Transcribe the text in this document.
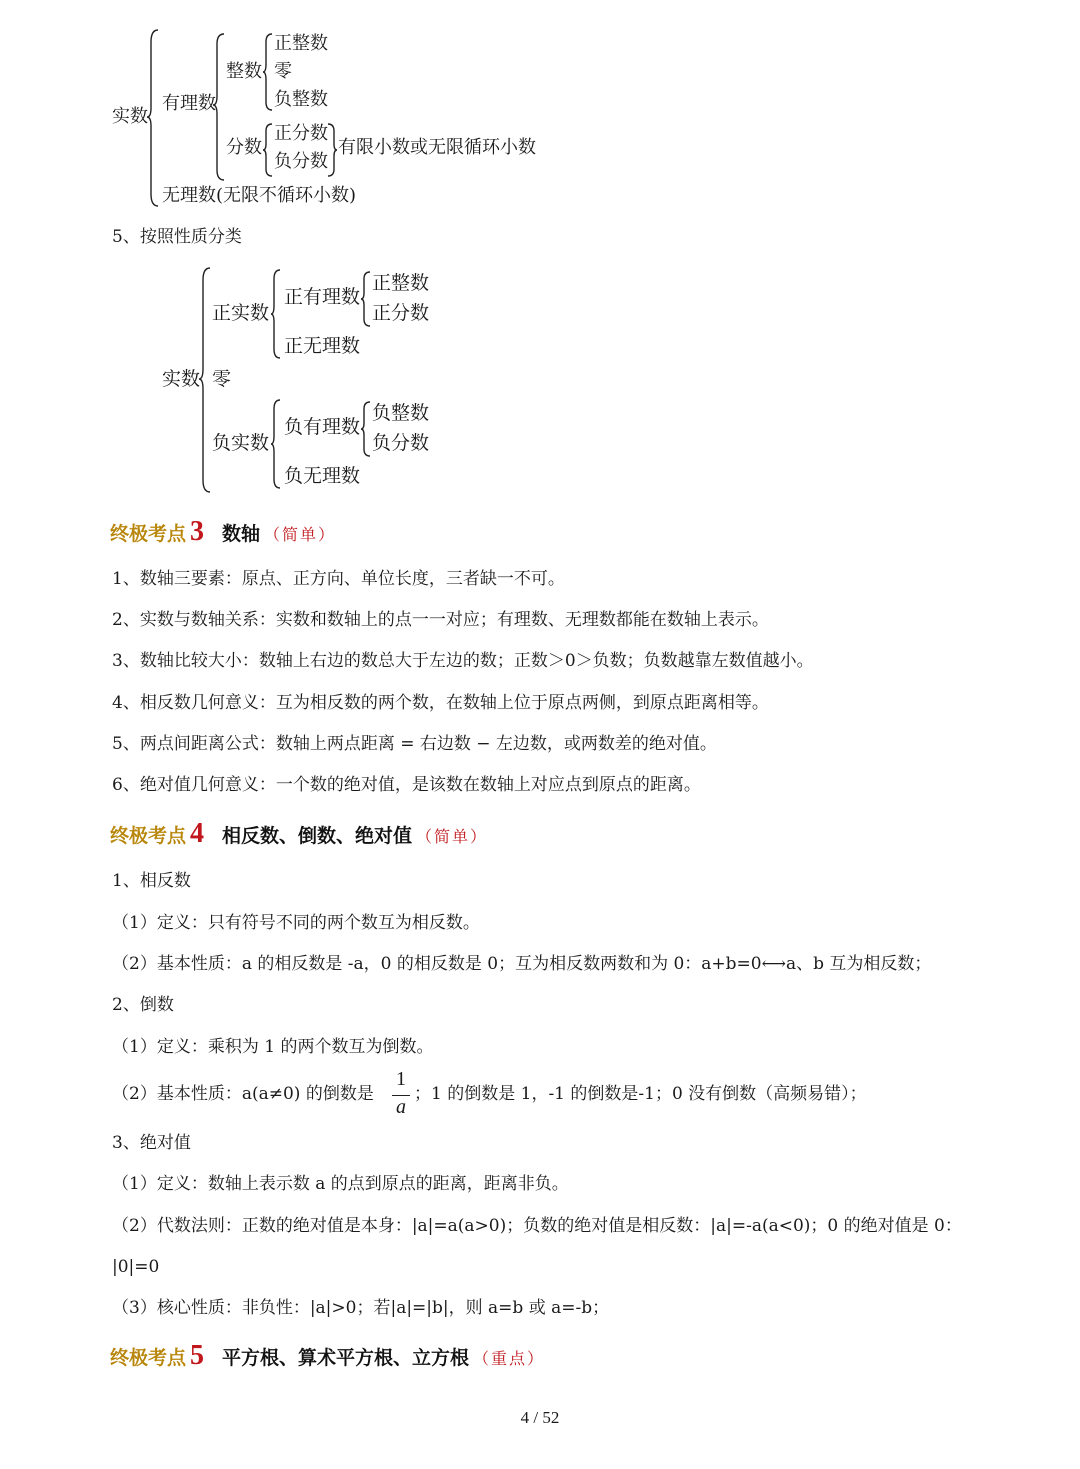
实数
有理数
整数
正整数
零
负整数
分数
正分数
负分数
有限小数或无限循环小数
无理数(无限不循环小数)
5、按照性质分类
实数
正实数
正有理数
正整数
正分数
正无理数
零
负实数
负有理数
负整数
负分数
负无理数
终极考点 3 数轴 （简单）
1、数轴三要素：原点、正方向、单位长度，三者缺一不可。
2、实数与数轴关系：实数和数轴上的点一一对应；有理数、无理数都能在数轴上表示。
3、数轴比较大小：数轴上右边的数总大于左边的数；正数＞0＞负数；负数越靠左数值越小。
4、相反数几何意义：互为相反数的两个数，在数轴上位于原点两侧，到原点距离相等。
5、两点间距离公式：数轴上两点距离 = 右边数 − 左边数，或两数差的绝对值。
6、绝对值几何意义：一个数的绝对值，是该数在数轴上对应点到原点的距离。
终极考点 4 相反数、倒数、绝对值 （简单）
1、相反数
（1）定义：只有符号不同的两个数互为相反数。
（2）基本性质：a 的相反数是 -a，0 的相反数是 0；互为相反数两数和为 0：a+b=0⟷a、b 互为相反数；
2、倒数
（1）定义：乘积为 1 的两个数互为倒数。
（2）基本性质：a(a≠0) 的倒数是
1
a
；1 的倒数是 1，-1 的倒数是-1；0 没有倒数（高频易错）；
3、绝对值
（1）定义：数轴上表示数 a 的点到原点的距离，距离非负。
（2）代数法则：正数的绝对值是本身：|a|=a(a>0)；负数的绝对值是相反数：|a|=-a(a<0)；0 的绝对值是 0：
|0|=0
（3）核心性质：非负性：|a|>0；若|a|=|b|，则 a=b 或 a=-b；
终极考点 5 平方根、算术平方根、立方根 （重点）
4 / 52
